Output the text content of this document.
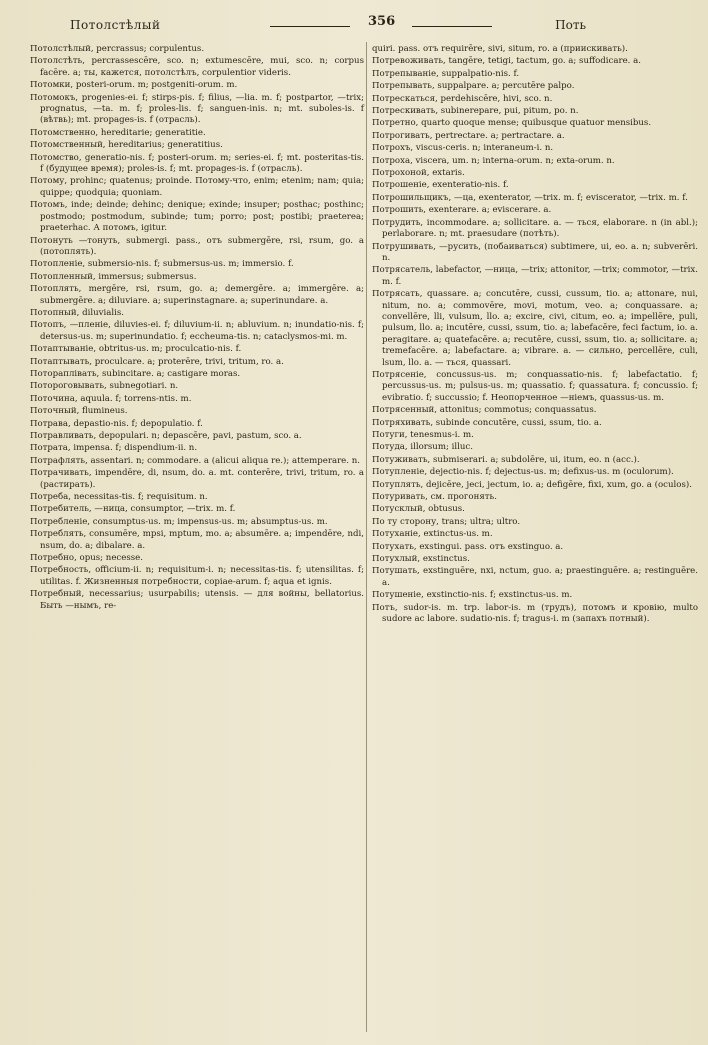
Потолстѣлый	356	Поть

Потолстѣлый, percrassus; corpulentus.

Потолстѣть, percrassescēre, sco. n; extumescēre, mui, sco. n; corpus facēre. a; ты, кажется, потолстѣлъ, corpulentior videris.

Потомки, posteri-orum. m; postgeniti-orum. m.

Потомокъ, progenies-ei. f; stirps-pis. f; filius, —lia. m. f; postpartor, —trix; prognatus, —ta. m. f; proles-lis. f; sanguen-inis. n; mt. suboles-is. f (вѣтвь); mt. propages-is. f (отрасль).

Потомственно, hereditarie; generatitie.

Потомственный, hereditarius; generatitius.

Потомство, generatio-nis. f; posteri-orum. m; series-ei. f; mt. posteritas-tis. f (будущее время); proles-is. f; mt. propages-is. f (отрасль).

Потому, prohinc; quatenus; proinde. Потому-что, enim; etenim; nam; quia; quippe; quodquia; quoniam.

Потомъ, inde; deinde; dehinc; denique; exinde; insuper; posthac; posthinc; postmodo; postmodum, subinde; tum; porro; post; postibi; praeterea; praeterhac. А потомъ, igitur.

Потонуть —тонуть, submergi. pass., отъ submergēre, rsi, rsum, go. a (потоплять).

Потопленіе, submersio-nis. f; submersus-us. m; immersio. f.

Потопленный, immersus; submersus.

Потоплять, mergēre, rsi, rsum, go. a; demergēre. a; immergēre. a; submergēre. a; diluviare. a; superinstagnare. a; superinundare. a.

Потопный, diluvialis.

Потопъ, —пленіе, diluvies-ei. f; diluvium-ii. n; abluvium. n; inundatio-nis. f; detersus-us. m; superinundatio. f; eccheuma-tis. n; cataclysmos-mi. m.

Потаптываніе, obtritus-us. m; proculcatio-nis. f.

Потаптывать, proculcare. a; proterēre, trivi, tritum, ro. a.

Потораплівать, subincitare. a; castigare moras.

Потороговывать, subnegotiari. n.

Поточина, aquula. f; torrens-ntis. m.

Поточный, flumineus.

Потрава, depastio-nis. f; depopulatio. f.

Потравливать, depopulari. n; depascēre, pavi, pastum, sco. a.

Потрата, impensa. f; dispendium-ii. n.

Потрафлять, assentari. n; commodare. a (alicui aliqua re.); attemperare. n.

Потрачивать, impendēre, di, nsum, do. a. mt. conterēre, trivi, tritum, ro. a (растирать).

Потреба, necessitas-tis. f; requisitum. n.

Потребитель, —ница, consumptor, —trix. m. f.

Потребленіе, consumptus-us. m; impensus-us. m; absumptus-us. m.

Потреблять, consumēre, mpsi, mptum, mo. a; absumēre. a; impendēre, ndi, nsum, do. a; dibalare. a.

Потребно, opus; necesse.

Потребность, officium-ii. n; requisitum-i. n; necessitas-tis. f; utensilitas. f; utilitas. f. Жизненныя потребности, copiae-arum. f; aqua et ignis.

Потребный, necessarius; usurpabilis; utensis. — для войны, bellatorius. Быть —нымъ, re-

quiri. pass. отъ requirēre, sivi, situm, ro. a (приискивать).

Потревоживать, tangēre, tetigi, tactum, go. a; suffodicare. a.

Потрепываніе, suppalpatio-nis. f.

Потрепывать, suppalpare. a; percutēre palpo.

Потрескаться, perdehiscēre, hivi, sco. n.

Потрескивать, subinerepare, pui, pitum, po. n.

Потретно, quarto quoque mense; quibusque quatuor mensibus.

Потрогивать, pertrectare. a; pertractare. a.

Потрохъ, viscus-ceris. n; interaneum-i. n.

Потроха, viscera, um. n; interna-orum. n; exta-orum. n.

Потрохоной, extaris.

Потрошеніе, exenteratio-nis. f.

Потрошильщикъ, —ца, exenterator, —trix. m. f; eviscerator, —trix. m. f.

Потрошить, exenterare. a; eviscerare. a.

Потрудить, incommodare. a; sollicitare. a. — ться, elaborare. n (in abl.); perlaborare. n; mt. praesudare (потѣть).

Потрушивать, —русить, (побаиваться) subtimere, ui, eo. a. n; subverēri. n.

Потрясатель, labefactor, —ница, —trix; attonitor, —trix; commotor, —trix. m. f.

Потрясать, quassare. a; concutēre, cussi, cussum, tio. a; attonare, nui, nitum, no. a; commovēre, movi, motum, veo. a; conquassare. a; convellēre, lli, vulsum, llo. a; excire, civi, citum, eo. a; impellēre, puli, pulsum, llo. a; incutēre, cussi, ssum, tio. a; labefacēre, feci factum, io. a. peragitare. a; quatefacēre. a; recutēre, cussi, ssum, tio. a; sollicitare. a; tremefacēre. a; labefactare. a; vibrare. a. — сильно, percellēre, culi, lsum, llo. a. — ться, quassari.

Потрясеніе, concussus-us. m; conquassatio-nis. f; labefactatio. f; percussus-us. m; pulsus-us. m; quassatio. f; quassatura. f; concussio. f; evibratio. f; succussio; f. Неопорченное —ніемъ, quassus-us. m.

Потрясенный, attonitus; commotus; conquassatus.

Потряхивать, subinde concutēre, cussi, ssum, tio. a.

Потуги, tenesmus-i. m.

Потуда, illorsum; illuc.

Потуживать, submiserari. a; subdolēre, ui, itum, eo. n (acc.).

Потупленіе, dejectio-nis. f; dejectus-us. m; defixus-us. m (oculorum).

Потуплять, dejicēre, jeci, jectum, io. a; defigēre, fixi, xum, go. a (oculos).

Потуривать, см. прогонять.

Потусклый, obtusus.

По ту сторону, trans; ultra; ultro.

Потуханіе, extinctus-us. m.

Потухать, exstingui. pass. отъ exstinguo. a.

Потухлый, exstinctus.

Потушать, exstinguēre, nxi, nctum, guo. a; praestinguēre. a; restinguēre. a.

Потушеніе, exstinctio-nis. f; exstinctus-us. m.

Потъ, sudor-is. m. trp. labor-is. m (трудъ), потомъ и кровію, multo sudore ac labore. sudatio-nis. f; tragus-i. m (запахъ потный).
